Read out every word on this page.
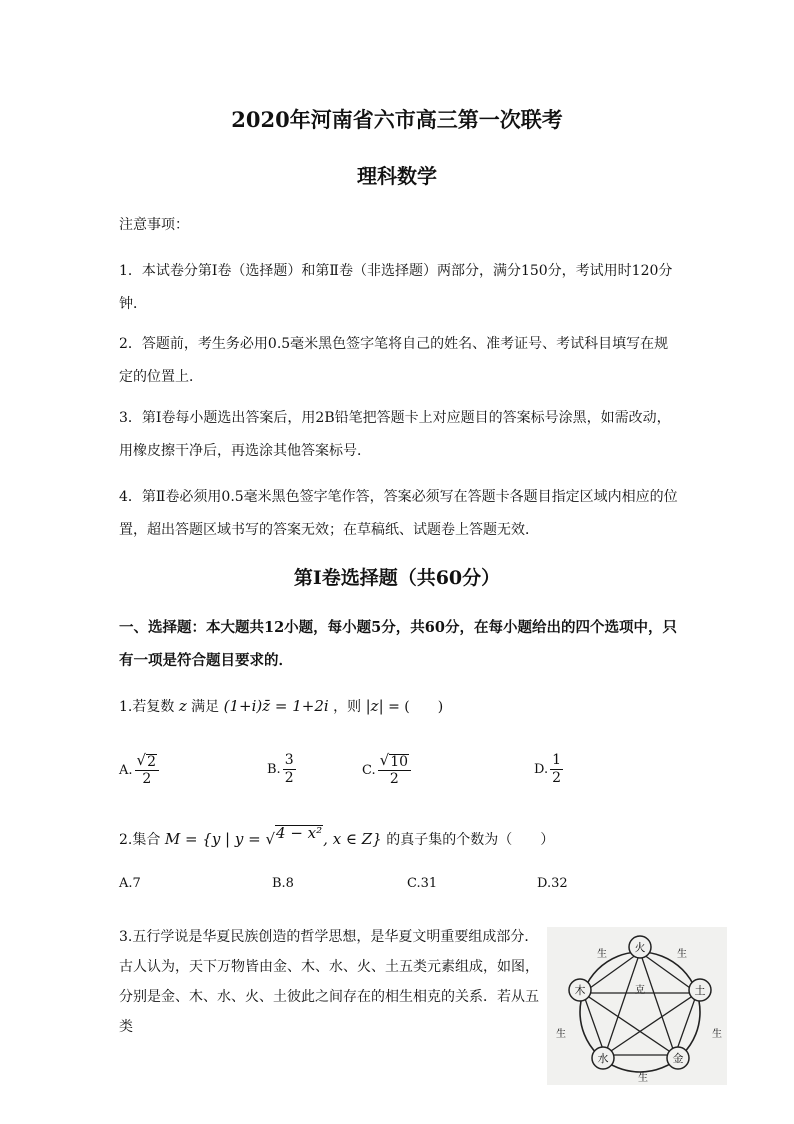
2020年河南省六市高三第一次联考
理科数学
注意事项：
1．本试卷分第Ⅰ卷（选择题）和第Ⅱ卷（非选择题）两部分，满分150分，考试用时120分钟．
2．答题前，考生务必用0.5毫米黑色签字笔将自己的姓名、准考证号、考试科目填写在规定的位置上．
3．第Ⅰ卷每小题选出答案后，用2B铅笔把答题卡上对应题目的答案标号涂黑，如需改动，用橡皮擦干净后，再选涂其他答案标号．
4．第Ⅱ卷必须用0.5毫米黑色签字笔作答，答案必须写在答题卡各题目指定区域内相应的位置，超出答题区域书写的答案无效；在草稿纸、试题卷上答题无效．
第Ⅰ卷选择题（共60分）
一、选择题：本大题共12小题，每小题5分，共60分，在每小题给出的四个选项中，只有一项是符合题目要求的．
1.若复数 z 满足 (1+i)z̄ = 1+2i ，则 |z| = (　　)
A. $\frac{√ 2}{2}$	B. $\frac{3}{2}$	C. $\frac{√ 10}{2}$	D. $\frac{1}{2}$
2.集合 M = {y | y = √ 4 − x² , x ∈ Z} 的真子集的个数为（　　）
A.7	B.8	C.31	D.32
3.五行学说是华夏民族创造的哲学思想，是华夏文明重要组成部分．古人认为，天下万物皆由金、木、水、火、土五类元素组成，如图，分别是金、木、水、火、土彼此之间存在的相生相克的关系．若从五类
火
土
金
水
木	克
生	生
生
生
生
